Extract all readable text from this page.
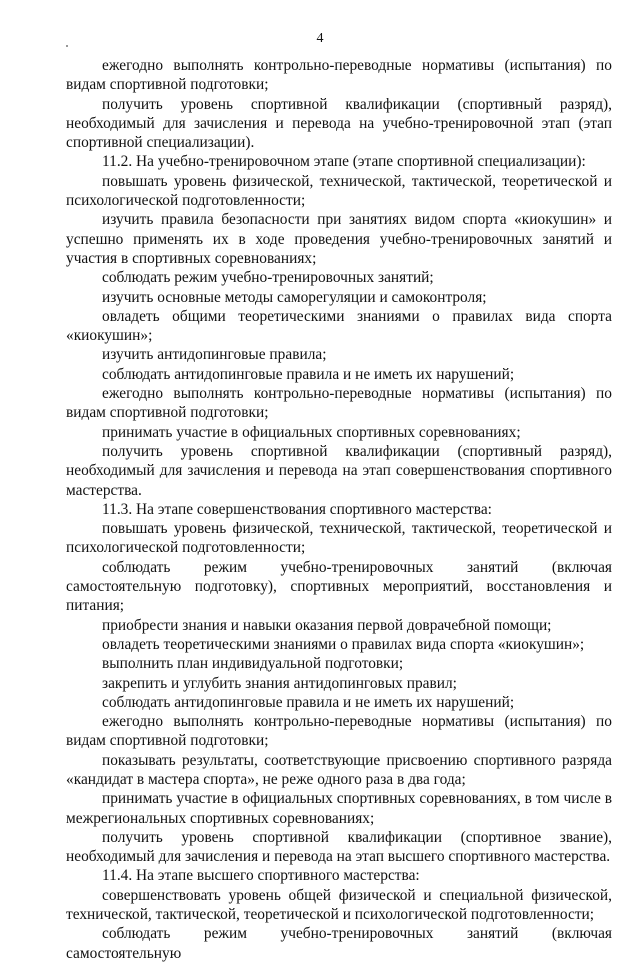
4

ежегодно выполнять контрольно-переводные нормативы (испытания) по видам спортивной подготовки;

получить уровень спортивной квалификации (спортивный разряд), необходимый для зачисления и перевода на учебно-тренировочной этап (этап спортивной специализации).

11.2. На учебно-тренировочном этапе (этапе спортивной специализации):

повышать уровень физической, технической, тактической, теоретической и психологической подготовленности;

изучить правила безопасности при занятиях видом спорта «киокушин» и успешно применять их в ходе проведения учебно-тренировочных занятий и участия в спортивных соревнованиях;

соблюдать режим учебно-тренировочных занятий;

изучить основные методы саморегуляции и самоконтроля;

овладеть общими теоретическими знаниями о правилах вида спорта «киокушин»;

изучить антидопинговые правила;

соблюдать антидопинговые правила и не иметь их нарушений;

ежегодно выполнять контрольно-переводные нормативы (испытания) по видам спортивной подготовки;

принимать участие в официальных спортивных соревнованиях;

получить уровень спортивной квалификации (спортивный разряд), необходимый для зачисления и перевода на этап совершенствования спортивного мастерства.

11.3. На этапе совершенствования спортивного мастерства:

повышать уровень физической, технической, тактической, теоретической и психологической подготовленности;

соблюдать режим учебно-тренировочных занятий (включая самостоятельную подготовку), спортивных мероприятий, восстановления и питания;

приобрести знания и навыки оказания первой доврачебной помощи;

овладеть теоретическими знаниями о правилах вида спорта «киокушин»;

выполнить план индивидуальной подготовки;

закрепить и углубить знания антидопинговых правил;

соблюдать антидопинговые правила и не иметь их нарушений;

ежегодно выполнять контрольно-переводные нормативы (испытания) по видам спортивной подготовки;

показывать результаты, соответствующие присвоению спортивного разряда «кандидат в мастера спорта», не реже одного раза в два года;

принимать участие в официальных спортивных соревнованиях, в том числе в межрегиональных спортивных соревнованиях;

получить уровень спортивной квалификации (спортивное звание), необходимый для зачисления и перевода на этап высшего спортивного мастерства.

11.4. На этапе высшего спортивного мастерства:

совершенствовать уровень общей физической и специальной физической, технической, тактической, теоретической и психологической подготовленности;

соблюдать режим учебно-тренировочных занятий (включая самостоятельную
